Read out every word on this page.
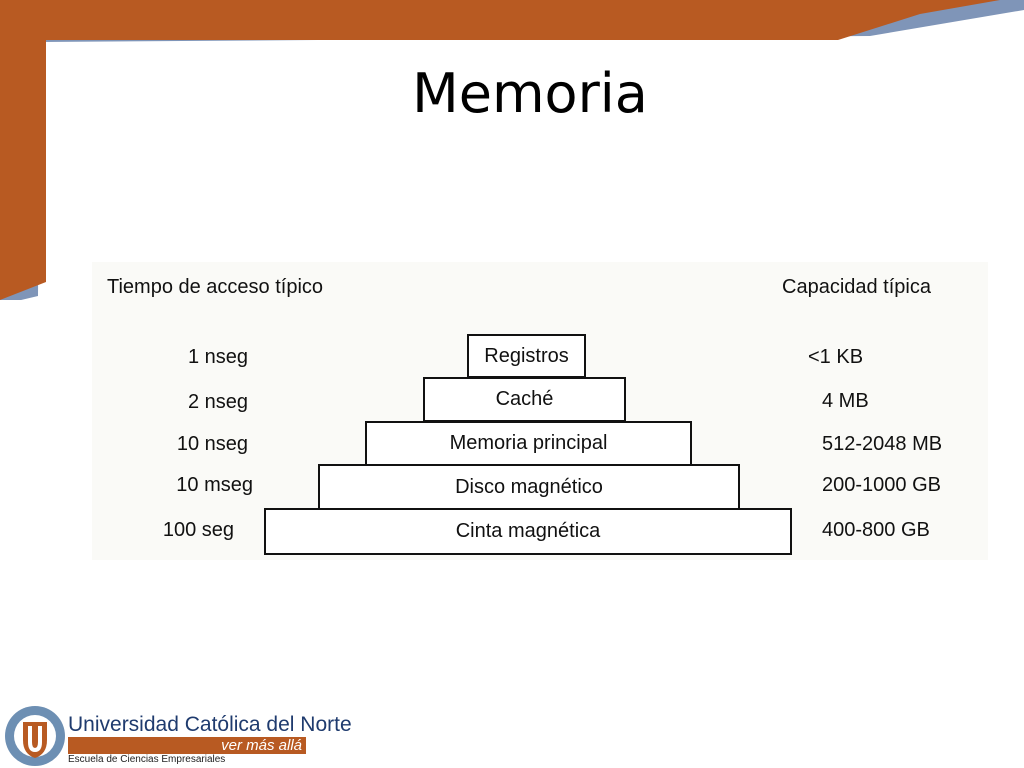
Memoria
Tiempo de acceso típico	Capacidad típica
1 nseg
2 nseg
10 nseg
10 mseg
100 seg
Registros
Caché
Memoria principal
Disco magnético
Cinta magnética
<1 KB
4 MB
512-2048 MB
200-1000 GB
400-800 GB
Universidad Católica del Norte
ver más allá
Escuela de Ciencias Empresariales
